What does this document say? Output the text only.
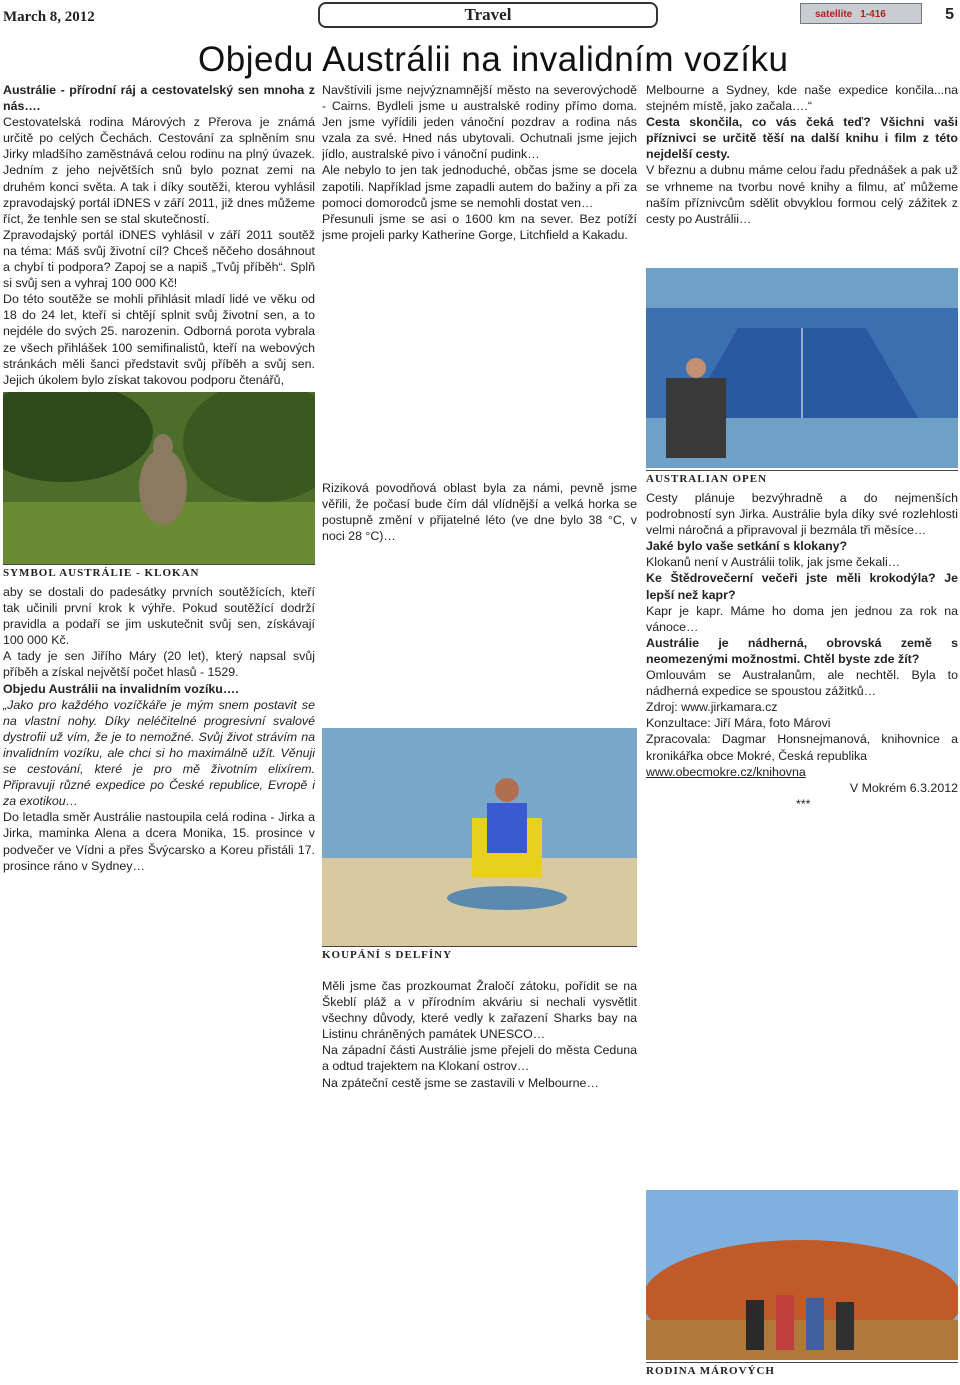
March 8, 2012	Travel	satellite 1-416	5
Objedu Austrálii na invalidním vozíku

Austrálie - přírodní ráj a cestovatelský sen mnoha z nás….

Cestovatelská rodina Márových z Přerova je známá určitě po celých Čechách. Cestování za splněním snu Jirky mladšího zaměstnává celou rodinu na plný úvazek. Jedním z jeho největších snů bylo poznat zemi na druhém konci světa. A tak i díky soutěži, kterou vyhlásil zpravodajský portál iDNES v září 2011, již dnes můžeme říct, že tenhle sen se stal skutečností.

Zpravodajský portál iDNES vyhlásil v září 2011 soutěž na téma: Máš svůj životní cíl? Chceš něčeho dosáhnout a chybí ti podpora? Zapoj se a napiš „Tvůj příběh“. Splň si svůj sen a vyhraj 100 000 Kč!

Do této soutěže se mohli přihlásit mladí lidé ve věku od 18 do 24 let, kteří si chtějí splnit svůj životní sen, a to nejdéle do svých 25. narozenin. Odborná porota vybrala ze všech přihlášek 100 semifinalistů, kteří na webových stránkách měli šanci představit svůj příběh a svůj sen. Jejich úkolem bylo získat takovou podporu čtenářů,

SYMBOL AUSTRÁLIE - KLOKAN

aby se dostali do padesátky prvních soutěžících, kteří tak učinili první krok k výhře. Pokud soutěžící dodrží pravidla a podaří se jim uskutečnit svůj sen, získávají 100 000 Kč.

A tady je sen Jiřího Máry (20 let), který napsal svůj příběh a získal největší počet hlasů - 1529.

Objedu Austrálii na invalidním vozíku….

„Jako pro každého vozíčkáře je mým snem postavit se na vlastní nohy. Díky neléčitelné progresivní svalové dystrofii už vím, že je to nemožné. Svůj život strávím na invalidním vozíku, ale chci si ho maximálně užít. Věnuji se cestování, které je pro mě životním elixírem. Připravuji různé expedice po České republice, Evropě i za exotikou…

Do letadla směr Austrálie nastoupila celá rodina - Jirka a Jirka, maminka Alena a dcera Monika, 15. prosince v podvečer ve Vídni a přes Švýcarsko a Koreu přistáli 17. prosince ráno v Sydney…

Navštívili jsme nejvýznamnější město na severovýchodě - Cairns. Bydleli jsme u australské rodiny přímo doma. Jen jsme vyřídili jeden vánoční pozdrav a rodina nás vzala za své. Hned nás ubytovali. Ochutnali jsme jejich jídlo, australské pivo i vánoční pudink…

Ale nebylo to jen tak jednoduché, občas jsme se docela zapotili. Například jsme zapadli autem do bažiny a při za pomoci domorodců jsme se nemohli dostat ven…

Přesunuli jsme se asi o 1600 km na sever. Bez potíží jsme projeli parky Katherine Gorge, Litchfield a Kakadu.

Riziková povodňová oblast byla za námi, pevně jsme věřili, že počasí bude čím dál vlídnější a velká horka se postupně změní v přijatelné léto (ve dne bylo 38 °C, v noci 28 °C)…

KOUPÁNÍ S DELFÍNY

Měli jsme čas prozkoumat Žraločí zátoku, pořídit se na Škeblí pláž a v přírodním akváriu si nechali vysvětlit všechny důvody, které vedly k zařazení Sharks bay na Listinu chráněných památek UNESCO…

Na západní části Austrálie jsme přejeli do města Ceduna a odtud trajektem na Klokaní ostrov…

Na zpáteční cestě jsme se zastavili v Melbourne…

Melbourne a Sydney, kde naše expedice končila...na stejném místě, jako začala….“

Cesta skončila, co vás čeká teď? Všichni vaši příznivci se určitě těší na další knihu i film z této nejdelší cesty.

V březnu a dubnu máme celou řadu přednášek a pak už se vrhneme na tvorbu nové knihy a filmu, ať můžeme naším příznivcům sdělit obvyklou formou celý zážitek z cesty po Austrálii…

AUSTRALIAN OPEN

Cesty plánuje bezvýhradně a do nejmenších podrobností syn Jirka. Austrálie byla díky své rozlehlosti velmi náročná a připravoval ji bezmála tři měsíce…

Jaké bylo vaše setkání s klokany?

Klokanů není v Austrálii tolik, jak jsme čekali…

Ke Štědrovečerní večeři jste měli krokodýla? Je lepší než kapr?

Kapr je kapr. Máme ho doma jen jednou za rok na vánoce…

Austrálie je nádherná, obrovská země s neomezenými možnostmi. Chtěl byste zde žít?

Omlouvám se Australanům, ale nechtěl. Byla to nádherná expedice se spoustou zážitků…

Zdroj: www.jirkamara.cz

Konzultace: Jiří Mára, foto Márovi

Zpracovala: Dagmar Honsnejmanová, knihovnice a kronikářka obce Mokré, Česká republika

www.obecmokre.cz/knihovna

V Mokrém 6.3.2012

***

RODINA MÁROVÝCH
